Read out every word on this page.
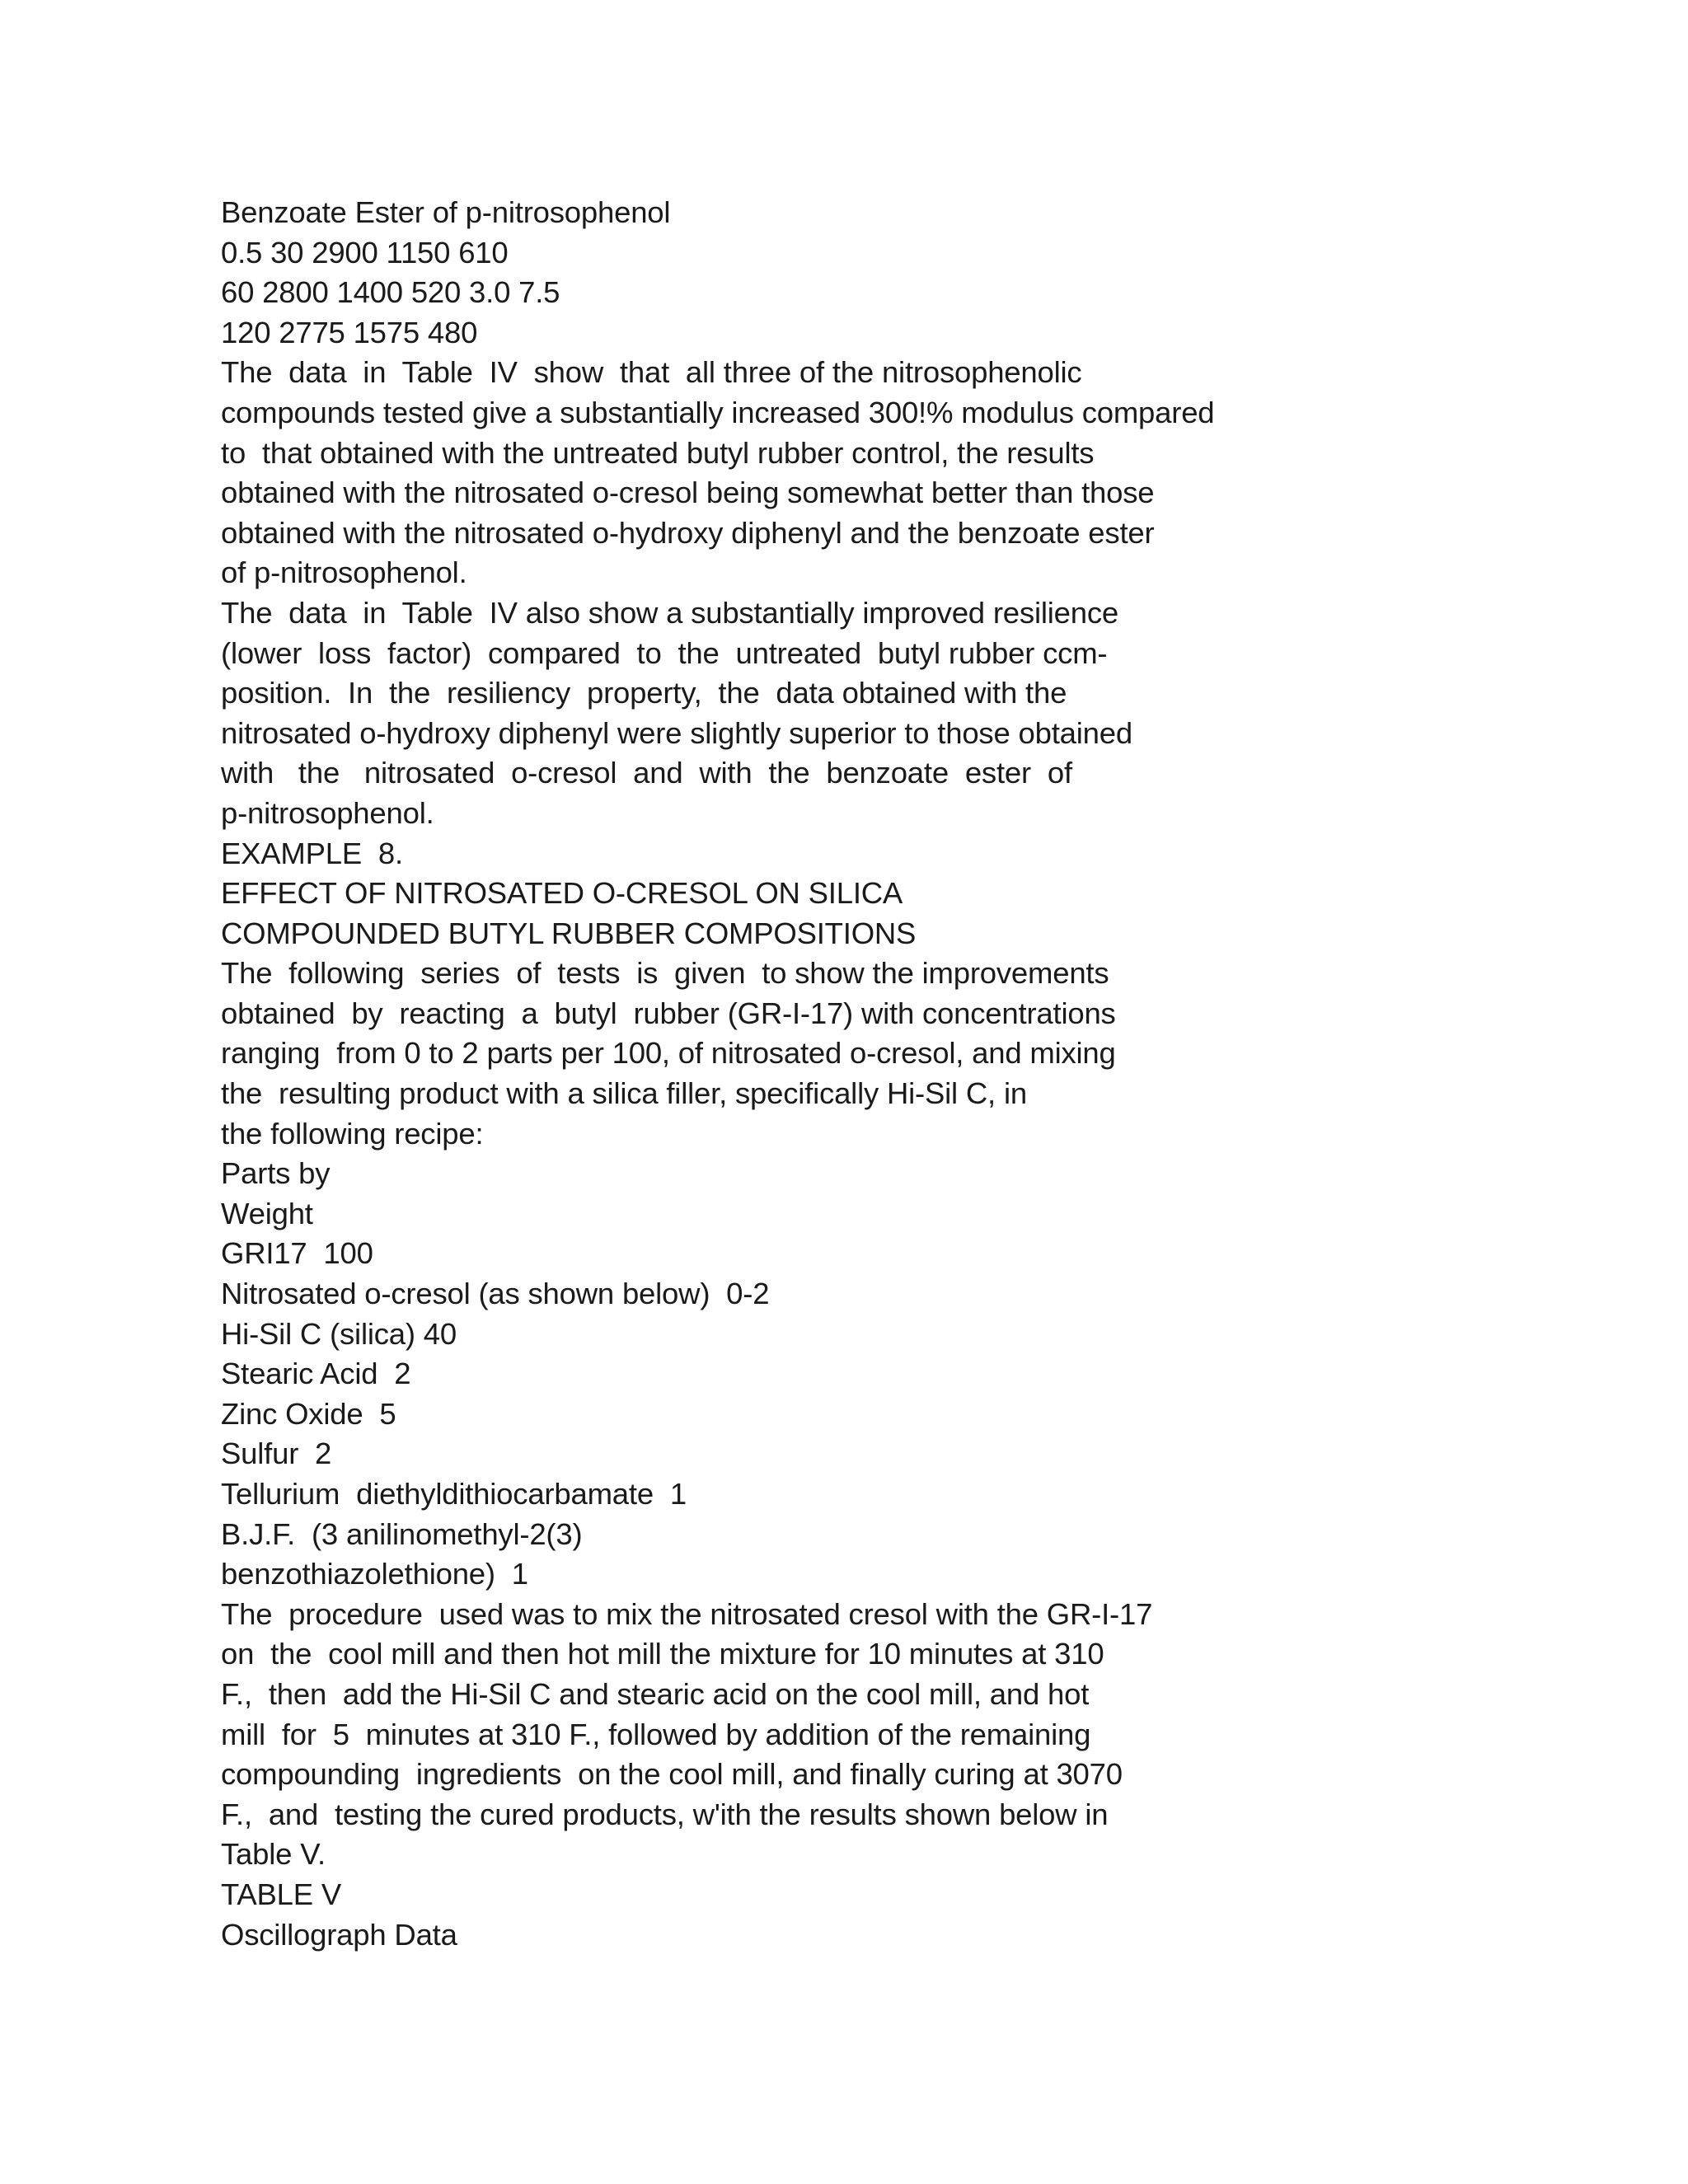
Benzoate Ester of p-nitrosophenol
0.5 30 2900 1150 610
60 2800 1400 520 3.0 7.5
120 2775 1575 480
The  data  in  Table  IV  show  that  all three of the nitrosophenolic
compounds tested give a substantially increased 300!% modulus compared
to  that obtained with the untreated butyl rubber control, the results
obtained with the nitrosated o-cresol being somewhat better than those
obtained with the nitrosated o-hydroxy diphenyl and the benzoate ester
of p-nitrosophenol.
The  data  in  Table  IV also show a substantially improved resilience
(lower  loss  factor)  compared  to  the  untreated  butyl rubber ccm-
position.  In  the  resiliency  property,  the  data obtained with the
nitrosated o-hydroxy diphenyl were slightly superior to those obtained
with   the   nitrosated  o-cresol  and  with  the  benzoate  ester  of
p-nitrosophenol.
EXAMPLE  8.
EFFECT OF NITROSATED O-CRESOL ON SILICA
COMPOUNDED BUTYL RUBBER COMPOSITIONS
The  following  series  of  tests  is  given  to show the improvements
obtained  by  reacting  a  butyl  rubber (GR-I-17) with concentrations
ranging  from 0 to 2 parts per 100, of nitrosated o-cresol, and mixing
the  resulting product with a silica filler, specifically Hi-Sil C, in
the following recipe:
Parts by
Weight
GRI17  100
Nitrosated o-cresol (as shown below)  0-2
Hi-Sil C (silica) 40
Stearic Acid  2
Zinc Oxide  5
Sulfur  2
Tellurium  diethyldithiocarbamate  1
B.J.F.  (3 anilinomethyl-2(3)
benzothiazolethione)  1
The  procedure  used was to mix the nitrosated cresol with the GR-I-17
on  the  cool mill and then hot mill the mixture for 10 minutes at 310
F.,  then  add the Hi-Sil C and stearic acid on the cool mill, and hot
mill  for  5  minutes at 310 F., followed by addition of the remaining
compounding  ingredients  on the cool mill, and finally curing at 3070
F.,  and  testing the cured products, w'ith the results shown below in
Table V.
TABLE V
Oscillograph Data
